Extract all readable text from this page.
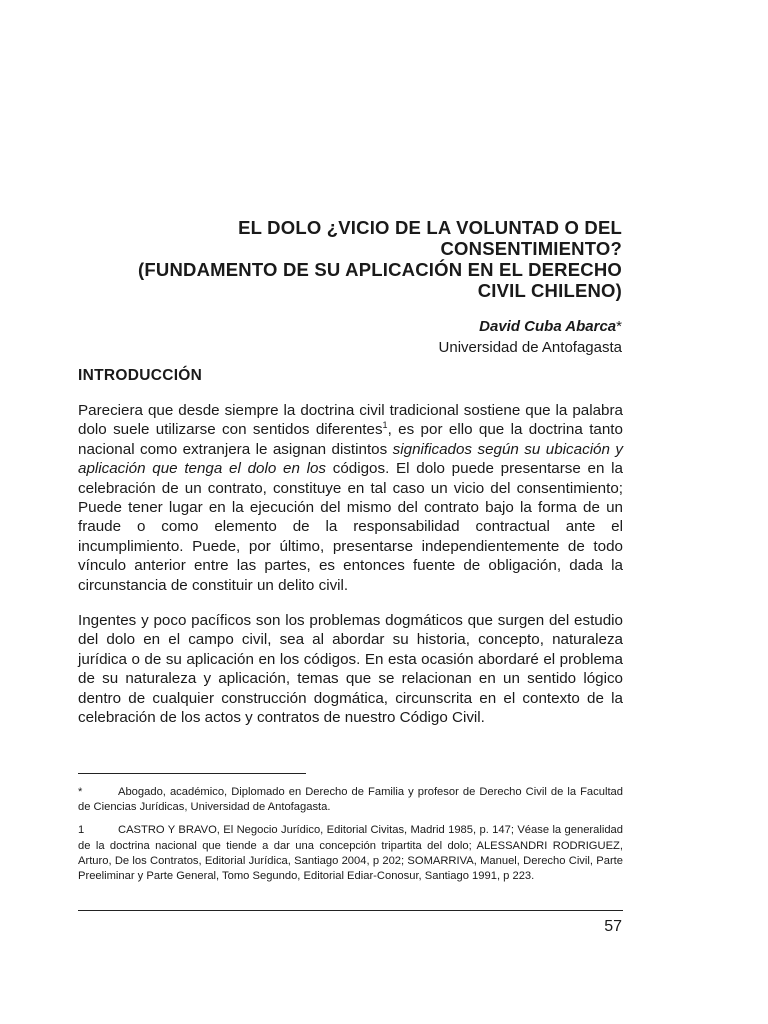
EL DOLO ¿VICIO DE LA VOLUNTAD O DEL
CONSENTIMIENTO?
(FUNDAMENTO DE SU APLICACIÓN EN EL DERECHO
CIVIL CHILENO)
David Cuba Abarca*
Universidad de Antofagasta
INTRODUCCIÓN

Pareciera que desde siempre la doctrina civil tradicional sostiene que la palabra dolo suele utilizarse con sentidos diferentes$^1$, es por ello que la doctrina tanto nacional como extranjera le asignan distintos significados según su ubicación y aplicación que tenga el dolo en los códigos. El dolo puede presentarse en la celebración de un contrato, constituye en tal caso un vicio del consentimiento; Puede tener lugar en la ejecución del mismo del contrato bajo la forma de un fraude o como elemento de la responsabilidad contractual ante el incumplimiento. Puede, por último, presentarse independientemente de todo vínculo anterior entre las partes, es entonces fuente de obligación, dada la circunstancia de constituir un delito civil.

Ingentes y poco pacíficos son los problemas dogmáticos que surgen del estudio del dolo en el campo civil, sea al abordar su historia, concepto, naturaleza jurídica o de su aplicación en los códigos. En esta ocasión abordaré el problema de su naturaleza y aplicación, temas que se relacionan en un sentido lógico dentro de cualquier construcción dogmática, circunscrita en el contexto de la celebración de los actos y contratos de nuestro Código Civil.

*	Abogado, académico, Diplomado en Derecho de Familia y profesor de Derecho Civil de la Facultad de Ciencias Jurídicas, Universidad de Antofagasta.
1	CASTRO Y BRAVO, El Negocio Jurídico, Editorial Civitas, Madrid 1985, p. 147; Véase la generalidad de la doctrina nacional que tiende a dar una concepción tripartita del dolo; ALESSANDRI RODRIGUEZ, Arturo, De los Contratos, Editorial Jurídica, Santiago 2004, p 202; SOMARRIVA, Manuel, Derecho Civil, Parte Preeliminar y Parte General, Tomo Segundo, Editorial Ediar-Conosur, Santiago 1991, p 223.
57
